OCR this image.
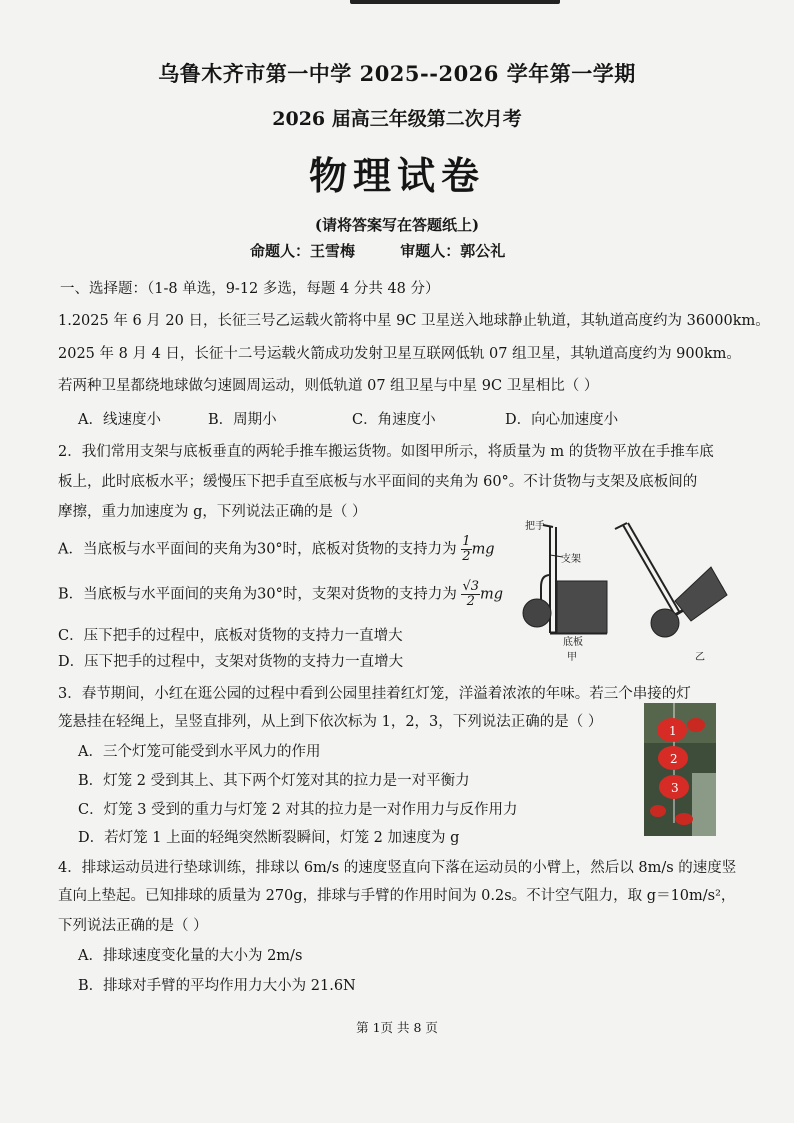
乌鲁木齐市第一中学 2025--2026 学年第一学期
2026 届高三年级第二次月考
物理试卷
(请将答案写在答题纸上)
命题人：王雪梅	审题人：郭公礼
一、选择题：（1-8 单选，9-12 多选，每题 4 分共 48 分）
1.2025 年 6 月 20 日，长征三号乙运载火箭将中星 9C 卫星送入地球静止轨道，其轨道高度约为 36000km。
2025 年 8 月 4 日，长征十二号运载火箭成功发射卫星互联网低轨 07 组卫星，其轨道高度约为 900km。
若两种卫星都绕地球做匀速圆周运动，则低轨道 07 组卫星与中星 9C 卫星相比（ ）
A．线速度小	B．周期小	C．角速度小	D．向心加速度小
2．我们常用支架与底板垂直的两轮手推车搬运货物。如图甲所示，将质量为 m 的货物平放在手推车底
板上，此时底板水平；缓慢压下把手直至底板与水平面间的夹角为 60°。不计货物与支架及底板间的
摩擦，重力加速度为 g，下列说法正确的是（ ）
A．当底板与水平面间的夹角为30°时，底板对货物的支持力为 $\frac{1}{2}$ mg
B．当底板与水平面间的夹角为30°时，支架对货物的支持力为 $\frac{√3}{2}$ mg
C．压下把手的过程中，底板对货物的支持力一直增大
D．压下把手的过程中，支架对货物的支持力一直增大
把手
支架
底板
甲	乙
3．春节期间，小红在逛公园的过程中看到公园里挂着红灯笼，洋溢着浓浓的年味。若三个串接的灯
笼悬挂在轻绳上，呈竖直排列，从上到下依次标为 1，2，3，下列说法正确的是（ ）
A．三个灯笼可能受到水平风力的作用
B．灯笼 2 受到其上、其下两个灯笼对其的拉力是一对平衡力
C．灯笼 3 受到的重力与灯笼 2 对其的拉力是一对作用力与反作用力
D．若灯笼 1 上面的轻绳突然断裂瞬间，灯笼 2 加速度为 g
1
2
3
4．排球运动员进行垫球训练，排球以 6m/s 的速度竖直向下落在运动员的小臂上，然后以 8m/s 的速度竖
直向上垫起。已知排球的质量为 270g，排球与手臂的作用时间为 0.2s。不计空气阻力，取 g＝10m/s²，
下列说法正确的是（ ）
A．排球速度变化量的大小为 2m/s
B．排球对手臂的平均作用力大小为 21.6N
第 1页 共 8 页
